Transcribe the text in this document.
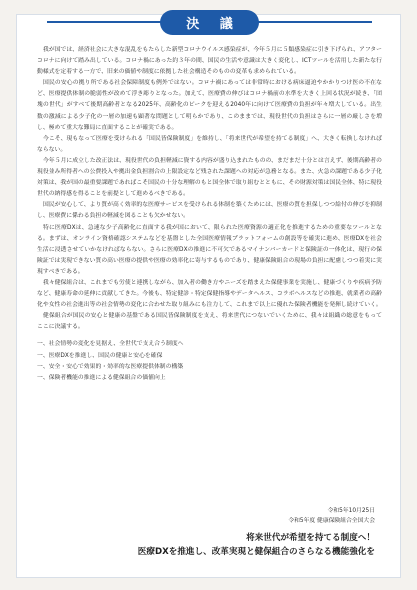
決 議

我が国では、経済社会に大きな混乱をもたらした新型コロナウイルス感染症が、今年５月に５類感染症に引き下げられ、アフターコロナに向けて踏み出している。コロナ禍にあった約３年の間、国民の生活や意識は大きく変化し、ICTツールを活用した新たな行動様式を定着する一方で、旧来の価値や制度に依拠した社会構造そのものの変革も求められている。

国民の安心の拠り所である社会保障制度も例外ではない。コロナ禍にあっては非常時における病床逼迫やかかりつけ医の不在など、医療提供体制の脆弱性が改めて浮き彫りとなった。加えて、医療費の伸びはコロナ禍前の水準を大きく上回る状況が続き、「団塊の世代」がすべて後期高齢者となる2025年、高齢化のピークを迎える2040年に向けて医療費の負担が年々増大している。出生数の激減による少子化の一層の加速も顕著な問題として明らかであり、このままでは、現役世代の負担はさらに一層の厳しさを増し、極めて重大な難局に直面することが確実である。

今こそ、現もなって医療を受けられる「国民皆保険制度」を維持し、「将来世代が希望を持てる制度」へ、大きく転換しなければならない。

今年５月に成立した改正法は、現役世代の負担軽減に資する内容が盛り込まれたものの、まだまだ十分とは言えず、後期高齢者の現役並み所得者への公費投入や拠出金負担割合の上限設定など残された課題への対応が急務となる。また、火急の課題である少子化対策は、我が国の最重要課題であればこそ国民の十分な理解のもと国全体で取り組むとともに、その財源対策は国民全体、特に現役世代の納得感を得ることを前提として進めるべきである。

国民が安心して、より質が高く効率的な医療サービスを受けられる体制を築くためには、医療の質を担保しつつ給付の伸びを抑制し、医療費に係わる負担の軽減を図ることも欠かせない。

特に医療DXは、急速な少子高齢化に直面する我が国において、限られた医療資源の適正化を推進するための重要なツールとなる。まずは、オンライン資格確認システムなどを基盤とした全国医療情報プラットフォームの創設等を確実に進め、医療DXを社会生活に浸透させていかなければならない。さらに医療DXの推進に不可欠であるマイナンバーカードと保険証の一体化は、現行の保険証では実現できない質の高い医療の提供や医療の効率化に寄与するものであり、健康保険組合の現場の負担に配慮しつつ着実に実現すべきである。

我々健保組合は、これまでも労使と連携しながら、加入者の働き方やニーズを踏まえた保健事業を実施し、健康づくりや疾病予防など、健康寿命の延伸に貢献してきた。今後も、特定健診・特定保健指導やデータヘルス、コラボヘルスなどの推進、就業者の高齢化や女性の社会進出等の社会情勢の変化に合わせた取り組みにも注力して、これまで以上に優れた保険者機能を発揮し続けていく。

健保組合が国民の安心と健康の基盤である国民皆保険制度を支え、将来世代につないでいくために、我々は組織の総意をもってここに決議する。

一、社会情勢の変化を見据え、全世代で支え合う制度へ

一、医療DXを推進し、国民の健康と安心を確保

一、安全・安心で効果的・効率的な医療提供体制の構築

一、保険者機能の推進による健保組合の価値向上

令和5年10月25日
令和5年度 健康保険組合全国大会
将来世代が希望を持てる制度へ！
医療DXを推進し、改革実現と健保組合のさらなる機能強化を
